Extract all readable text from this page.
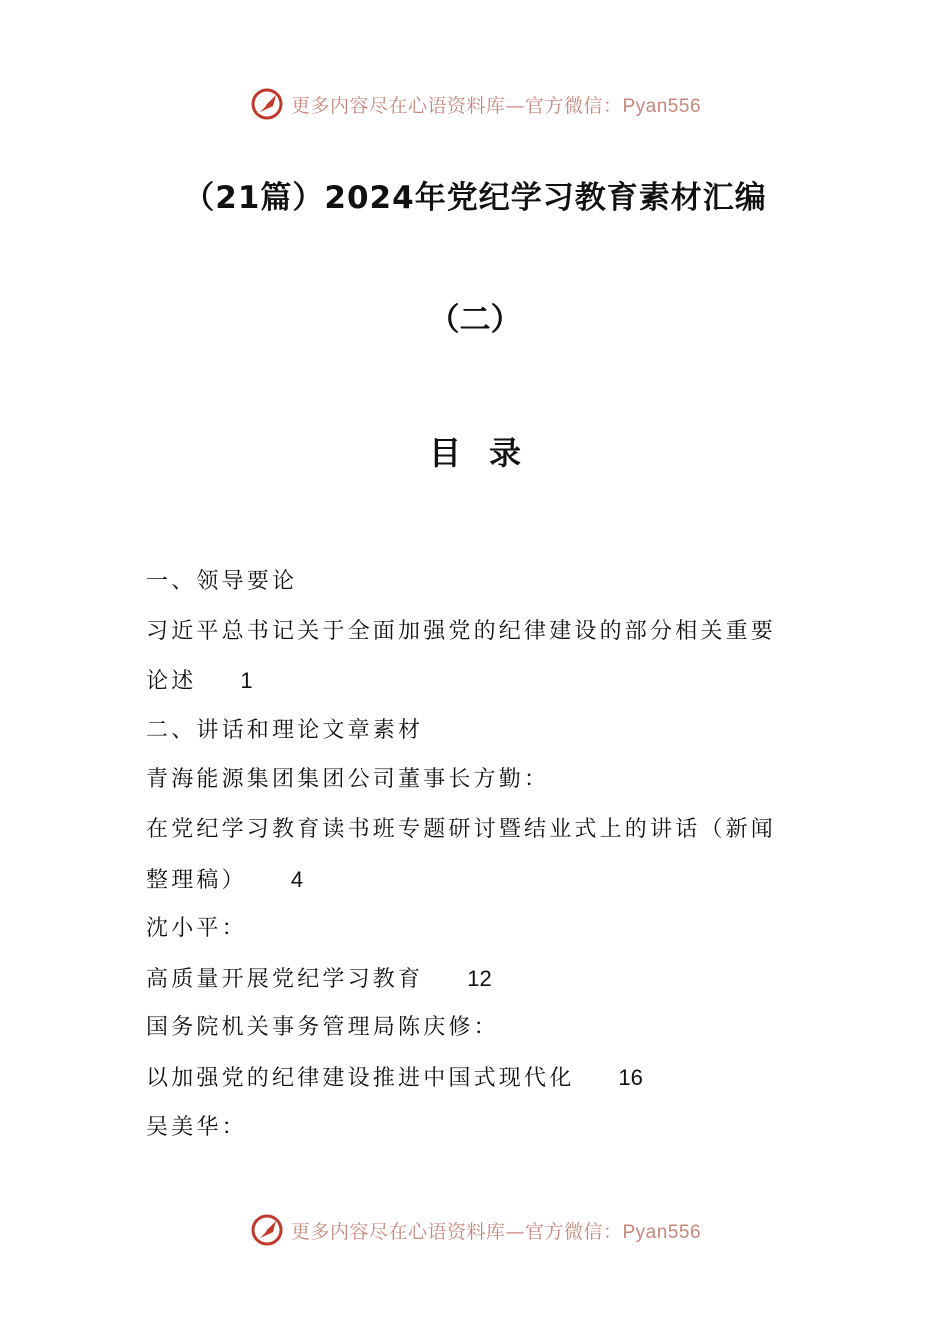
更多内容尽在心语资料库—官方微信：Pyan556
（21篇）2024年党纪学习教育素材汇编
（二）
目录
一、领导要论
习近平总书记关于全面加强党的纪律建设的部分相关重要
论述 1
二、讲话和理论文章素材
青海能源集团集团公司董事长方勤：
在党纪学习教育读书班专题研讨暨结业式上的讲话（新闻
整理稿） 4
沈小平：
高质量开展党纪学习教育 12
国务院机关事务管理局陈庆修：
以加强党的纪律建设推进中国式现代化 16
吴美华：
更多内容尽在心语资料库—官方微信：Pyan556
